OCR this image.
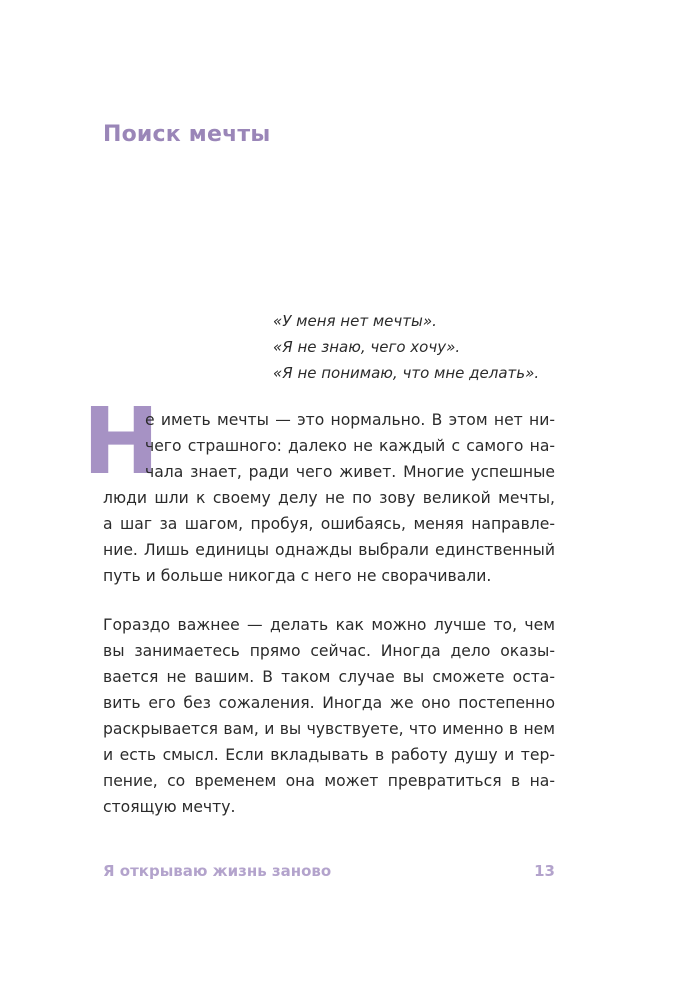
Поиск мечты
«У меня нет мечты».
«Я не знаю, чего хочу».
«Я не понимаю, что мне делать».
Н
е иметь мечты — это нормально. В этом нет ни-
чего страшного: далеко не каждый с самого на-
чала знает, ради чего живет. Многие успешные
люди шли к своему делу не по зову великой мечты,
а шаг за шагом, пробуя, ошибаясь, меняя направле-
ние. Лишь единицы однажды выбрали единственный
путь и больше никогда с него не сворачивали.
Гораздо важнее — делать как можно лучше то, чем
вы занимаетесь прямо сейчас. Иногда дело оказы-
вается не вашим. В таком случае вы сможете оста-
вить его без сожаления. Иногда же оно постепенно
раскрывается вам, и вы чувствуете, что именно в нем
и есть смысл. Если вкладывать в работу душу и тер-
пение, со временем она может превратиться в на-
стоящую мечту.
Я открываю жизнь заново	13
